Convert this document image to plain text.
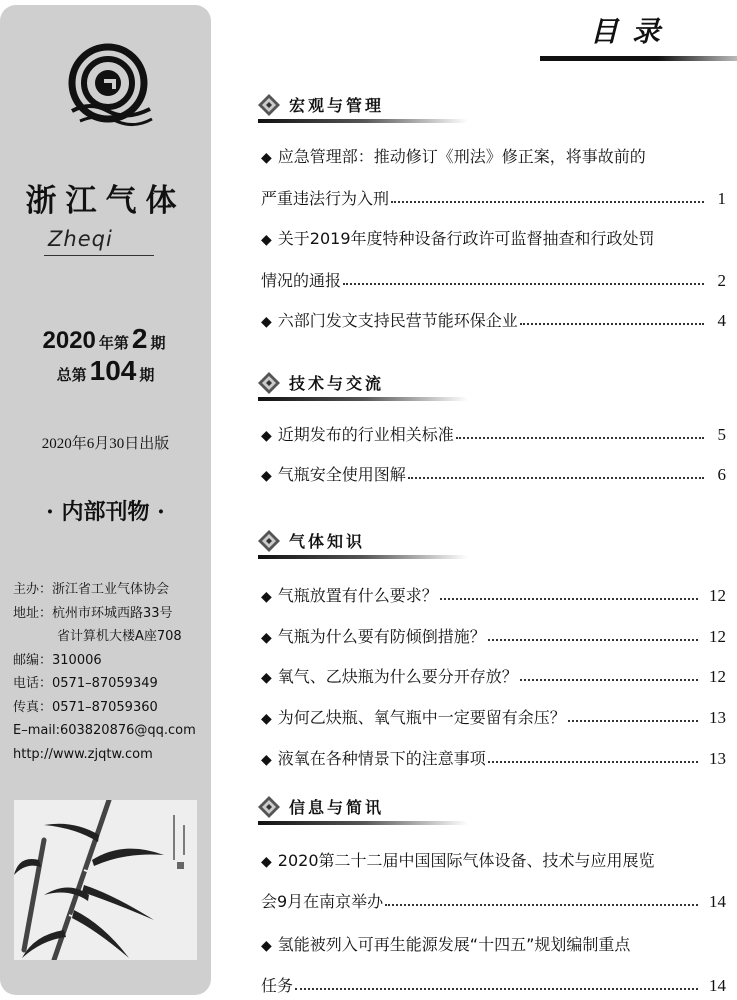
浙江气体
Zheqi
2020 年第 2 期
总第 104 期
2020年6月30日出版
· 内部刊物 ·
主办：浙江省工业气体协会
地址：杭州市环城西路33号
省计算机大楼A座708
邮编：310006
电话：0571–87059349
传真：0571–87059360
E–mail:603820876@qq.com
http://www.zjqtw.com
目录
宏观与管理
◆ 应急管理部：推动修订《刑法》修正案，将事故前的
严重违法行为入刑	1
◆ 关于2019年度特种设备行政许可监督抽查和行政处罚
情况的通报	2
◆ 六部门发文支持民营节能环保企业	4
技术与交流
◆ 近期发布的行业相关标准	5
◆ 气瓶安全使用图解	6
气体知识
◆ 气瓶放置有什么要求？	12
◆ 气瓶为什么要有防倾倒措施？	12
◆ 氧气、乙炔瓶为什么要分开存放？	12
◆ 为何乙炔瓶、氧气瓶中一定要留有余压？	13
◆ 液氧在各种情景下的注意事项	13
信息与简讯
◆ 2020第二十二届中国国际气体设备、技术与应用展览
会9月在南京举办	14
◆ 氢能被列入可再生能源发展“十四五”规划编制重点
任务	14
